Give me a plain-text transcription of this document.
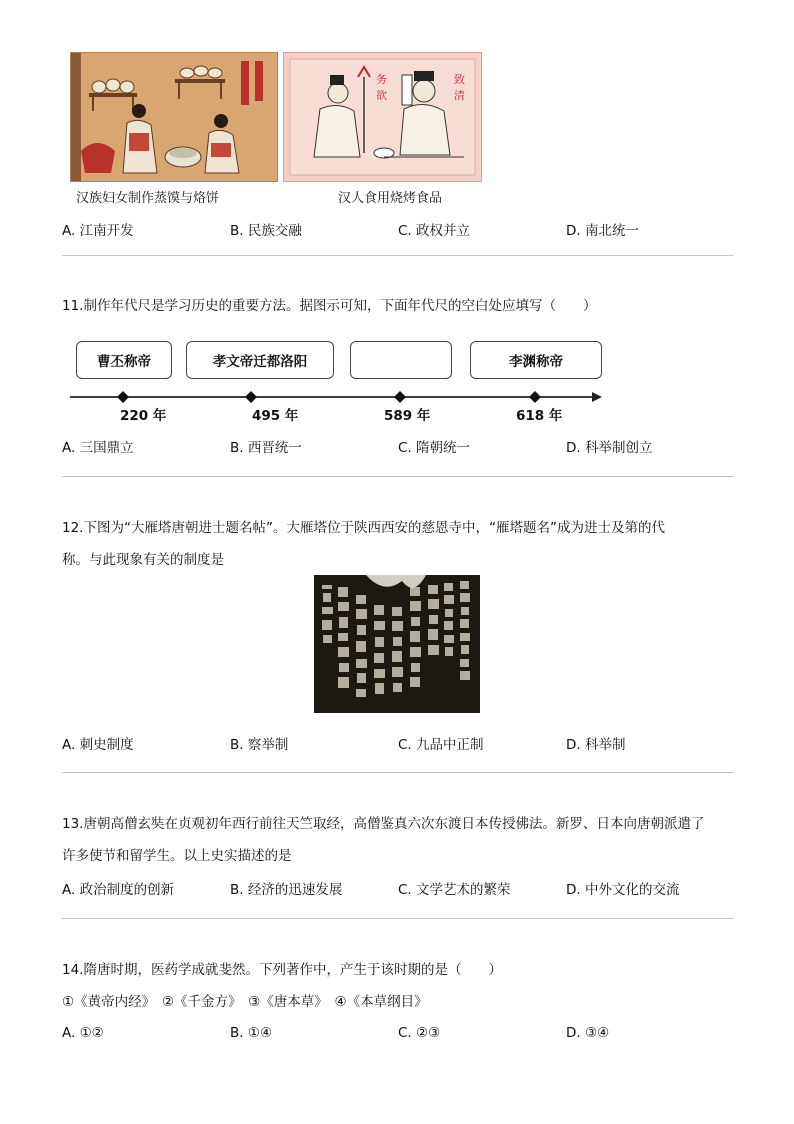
务
欲
致
清
汉族妇女制作蒸馍与烙饼	汉人食用烧烤食品
A. 江南开发	B. 民族交融	C. 政权并立	D. 南北统一
11.制作年代尺是学习历史的重要方法。据图示可知，下面年代尺的空白处应填写（　　）
曹丕称帝	孝文帝迁都洛阳	李渊称帝
220 年	495 年	589 年	618 年
A. 三国鼎立	B. 西晋统一	C. 隋朝统一	D. 科举制创立
12.下图为“大雁塔唐朝进士题名帖”。大雁塔位于陕西西安的慈恩寺中，“雁塔题名”成为进士及第的代
称。与此现象有关的制度是
A. 刺史制度	B. 察举制	C. 九品中正制	D. 科举制
13.唐朝高僧玄奘在贞观初年西行前往天竺取经，高僧鉴真六次东渡日本传授佛法。新罗、日本向唐朝派遣了
许多使节和留学生。以上史实描述的是
A. 政治制度的创新	B. 经济的迅速发展	C. 文学艺术的繁荣	D. 中外文化的交流
14.隋唐时期，医药学成就斐然。下列著作中，产生于该时期的是（　　）
①《黄帝内经》　②《千金方》　③《唐本草》　④《本草纲目》
A. ①②	B. ①④	C. ②③	D. ③④
